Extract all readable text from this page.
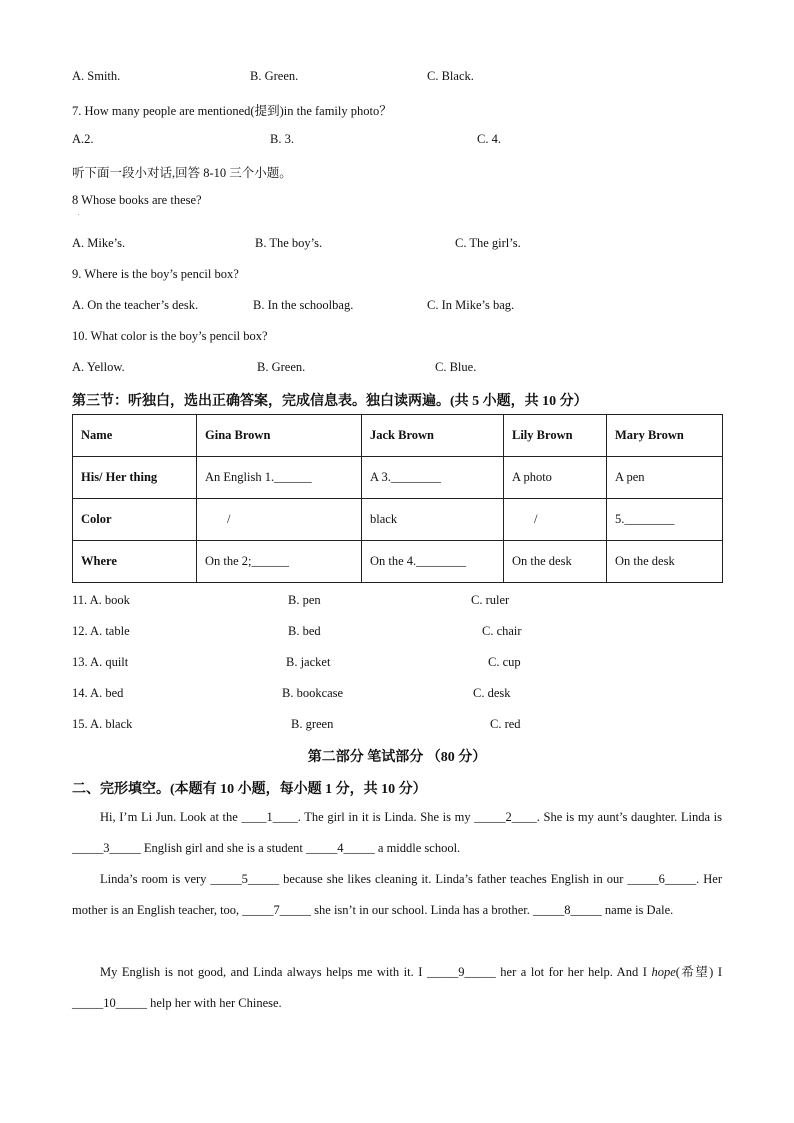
A. Smith.	B. Green.	C. Black.
7. How many people are mentioned(提到)in the family photo？
A.2.	B. 3.	C. 4.
听下面一段小对话,回答 8-10 三个小题。
8 Whose books are these?
.
A. Mike’s.	B. The boy’s.	C. The girl’s.
9. Where is the boy’s pencil box?
A. On the teacher’s desk.	B. In the schoolbag.	C. In Mike’s bag.
10. What color is the boy’s pencil box?
A. Yellow.	B. Green.	C. Blue.
第三节：听独白，选出正确答案，完成信息表。独白读两遍。(共 5 小题，共 10 分）
Name	Gina Brown	Jack Brown	Lily Brown	Mary Brown
His/ Her thing	An English 1.______	A 3.________	A photo	A pen
Color	/	black	/	5.________
Where	On the 2;______	On the 4.________	On the desk	On the desk
11. A. book	B. pen	C. ruler
12. A. table	B. bed	C. chair
13. A. quilt	B. jacket	C. cup
14. A. bed	B. bookcase	C. desk
15. A. black	B. green	C. red
第二部分 笔试部分 （80 分）
二、完形填空。(本题有 10 小题，每小题 1 分，共 10 分）
Hi, I’m Li Jun. Look at the ____1____. The girl in it is Linda. She is my _____2____. She is my aunt’s daughter. Linda is _____3_____ English girl and she is a student _____4_____ a middle school.
Linda’s room is very _____5_____ because she likes cleaning it. Linda’s father teaches English in our _____6_____. Her mother is an English teacher, too, _____7_____ she isn’t in our school. Linda has a brother. _____8_____ name is Dale.
My English is not good, and Linda always helps me with it. I _____9_____ her a lot for her help. And I hope(希望) I _____10_____ help her with her Chinese.
